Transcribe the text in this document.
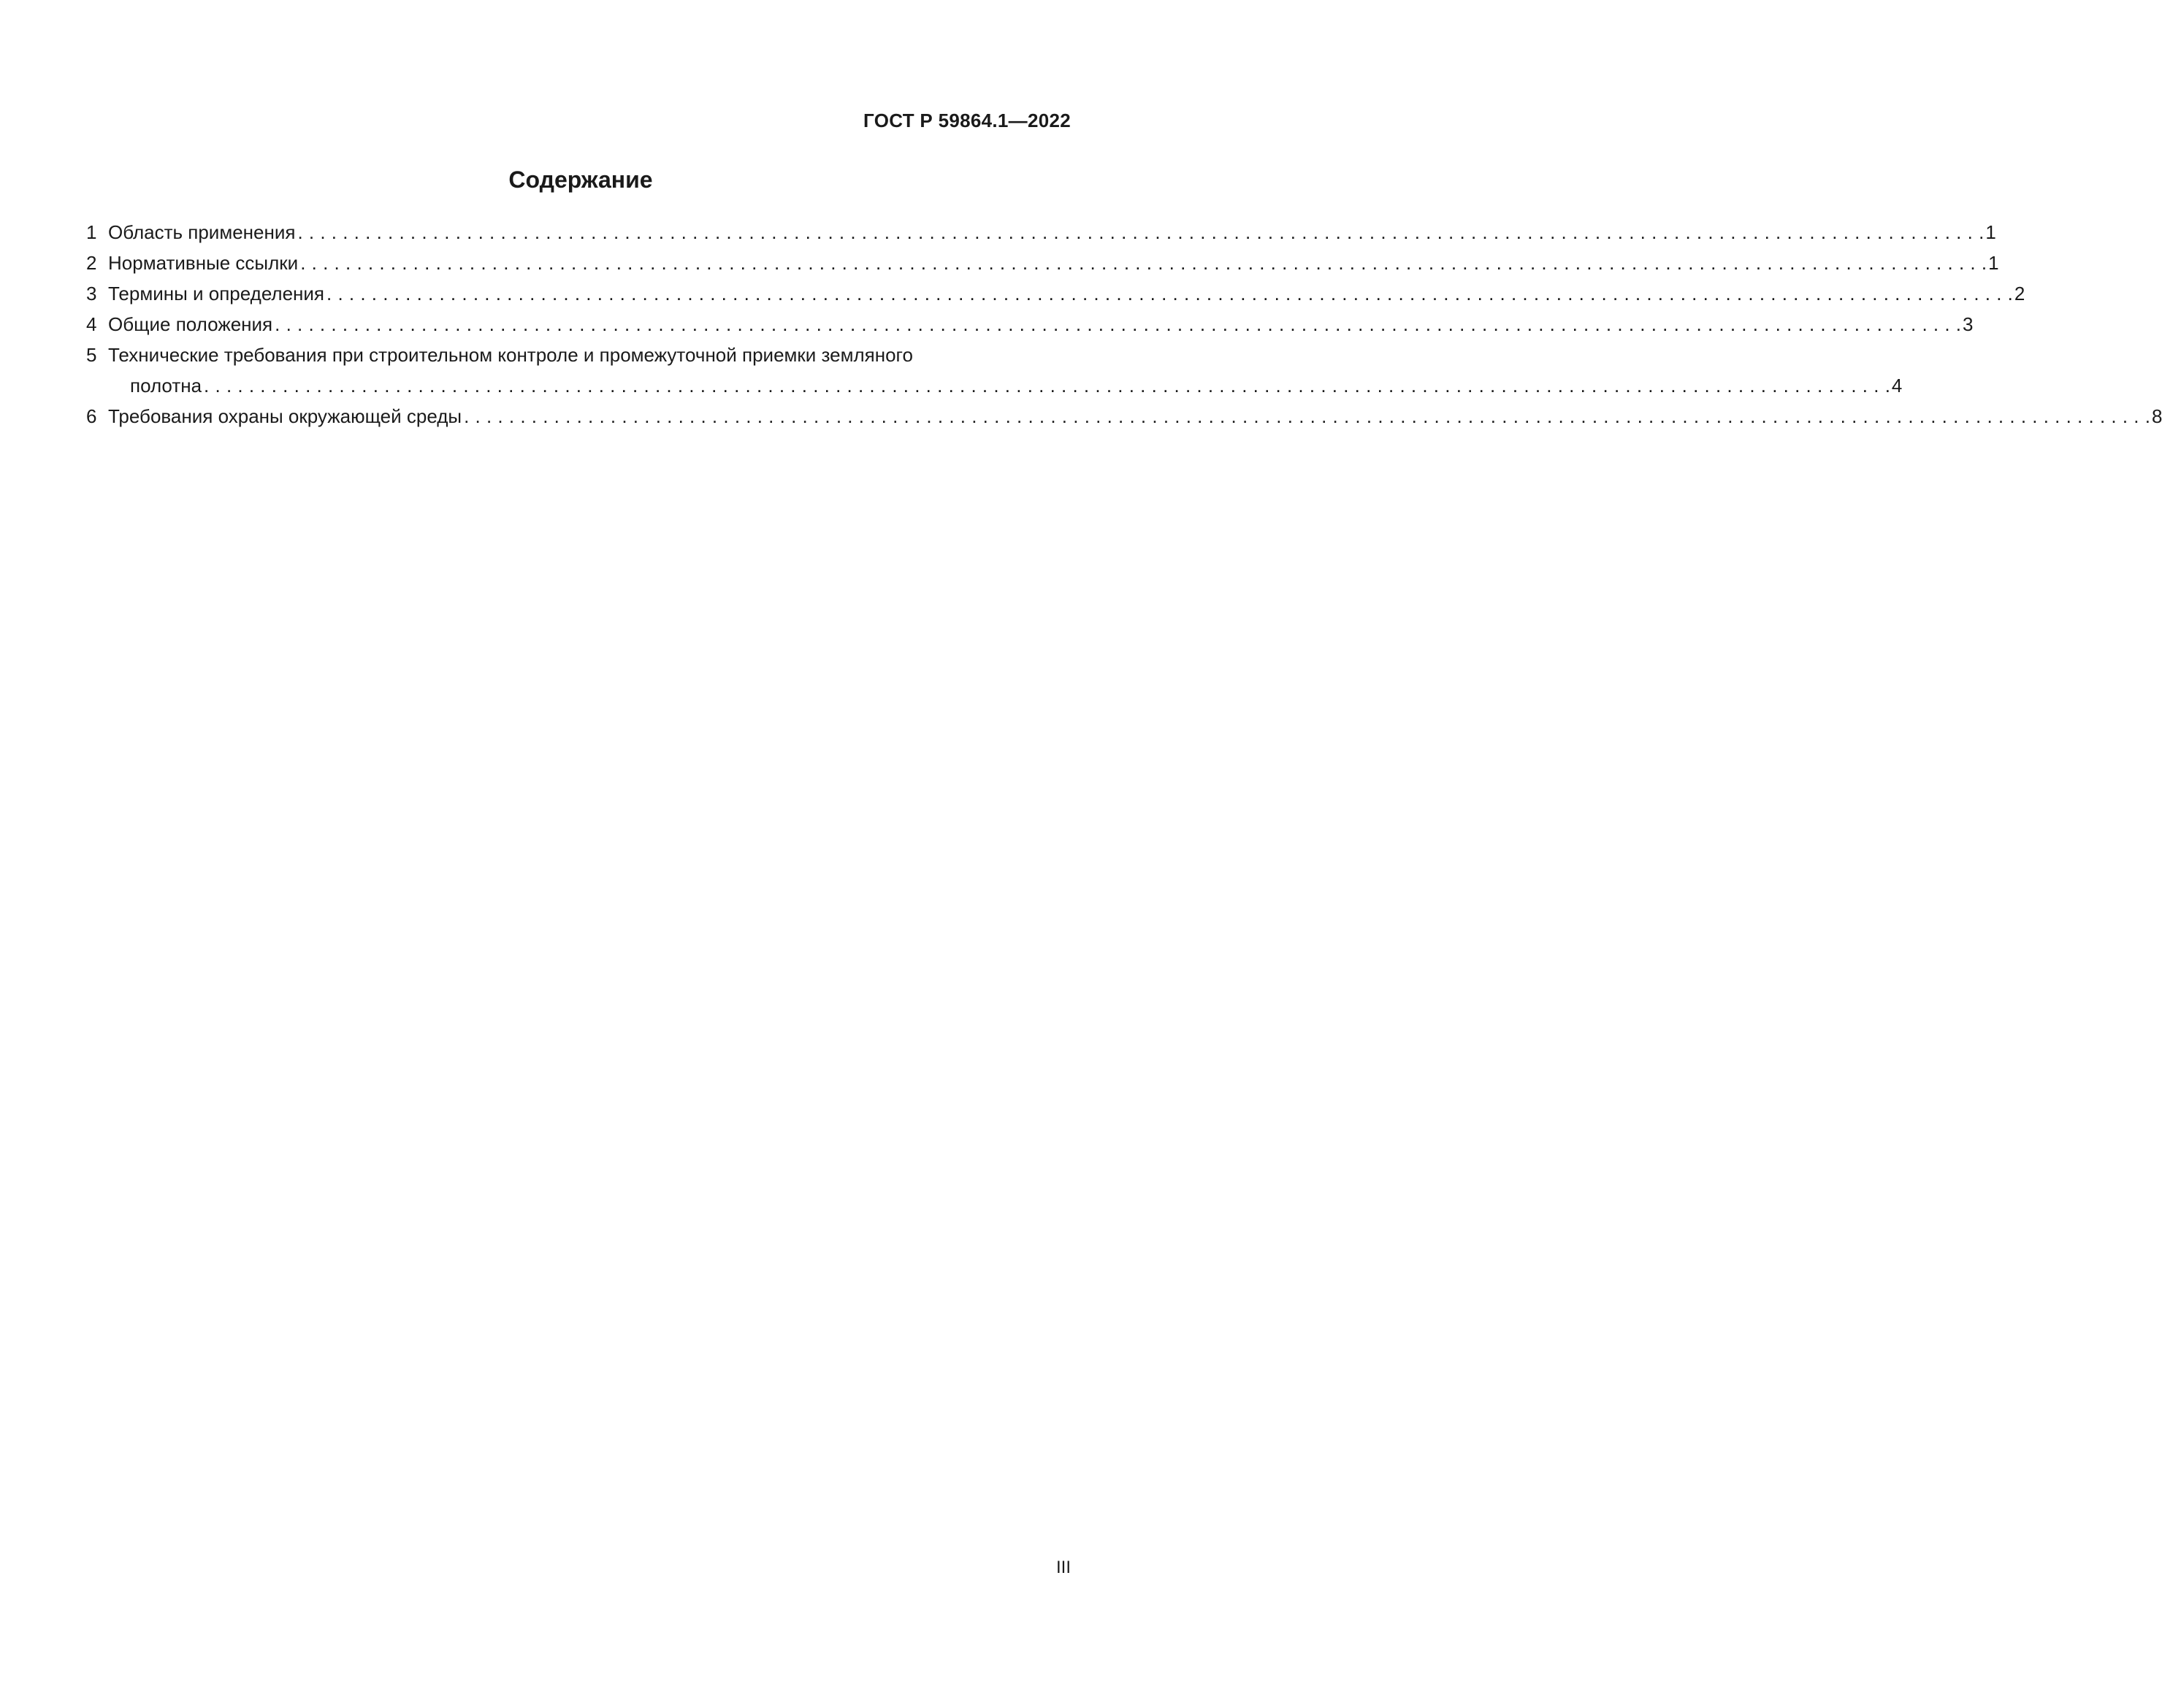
ГОСТ Р 59864.1—2022
Содержание
1 Область применения . . .	1
2 Нормативные ссылки . . .	1
3 Термины и определения . . .	2
4 Общие положения . . .	3
5 Технические требования при строительном контроле и промежуточной приемки земляного
полотна . . .	4
6 Требования охраны окружающей среды . . .	8
III
